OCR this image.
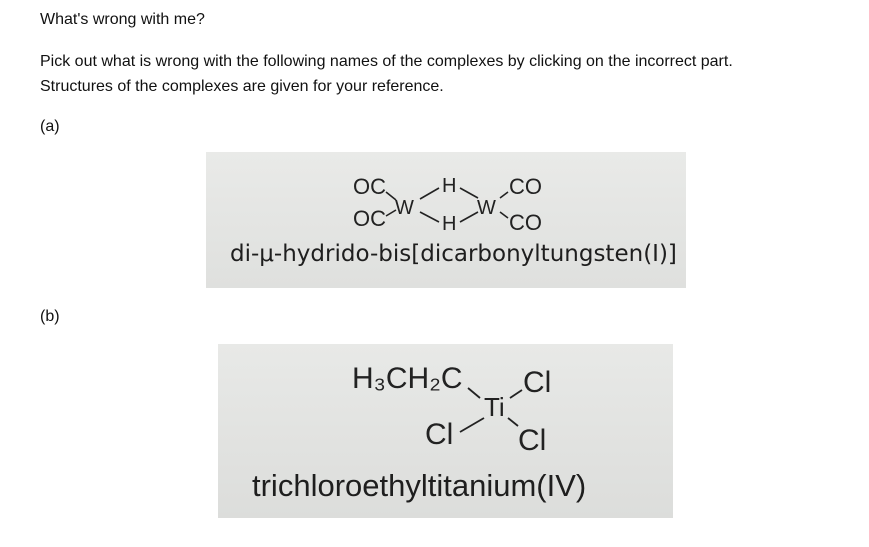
What's wrong with me?
Pick out what is wrong with the following names of the complexes by clicking on the incorrect part.
Structures of the complexes are given for your reference.
(a)
OC
OC W
H
H
W
CO
CO
di-μ-hydrido-bis[dicarbonyltungsten(I)]
(b)
H₃CH₂C
Ti
Cl
Cl Cl
trichloroethyltitanium(IV)
